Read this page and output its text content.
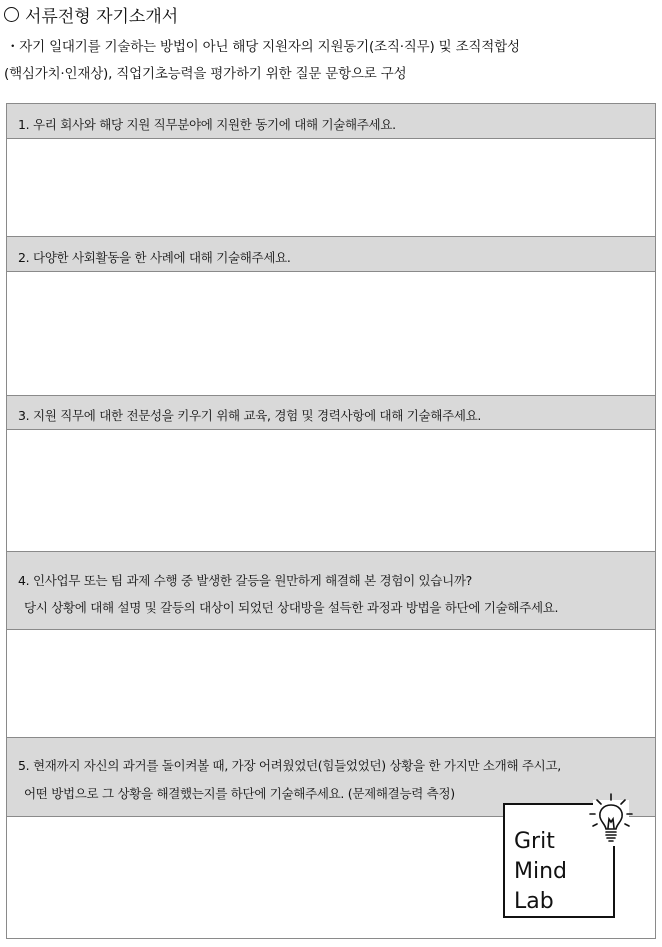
서류전형 자기소개서
・자기 일대기를 기술하는 방법이 아닌 해당 지원자의 지원동기(조직·직무) 및 조직적합성
(핵심가치·인재상), 직업기초능력을 평가하기 위한 질문 문항으로 구성
1. 우리 회사와 해당 지원 직무분야에 지원한 동기에 대해 기술해주세요.
2. 다양한 사회활동을 한 사례에 대해 기술해주세요.
3. 지원 직무에 대한 전문성을 키우기 위해 교육, 경험 및 경력사항에 대해 기술해주세요.
4. 인사업무 또는 팀 과제 수행 중 발생한 갈등을 원만하게 해결해 본 경험이 있습니까?
당시 상황에 대해 설명 및 갈등의 대상이 되었던 상대방을 설득한 과정과 방법을 하단에 기술해주세요.
5. 현재까지 자신의 과거를 돌이켜볼 때, 가장 어려웠었던(힘들었었던) 상황을 한 가지만 소개해 주시고,
어떤 방법으로 그 상황을 해결했는지를 하단에 기술해주세요. (문제해결능력 측정)
Grit
Mind
Lab
